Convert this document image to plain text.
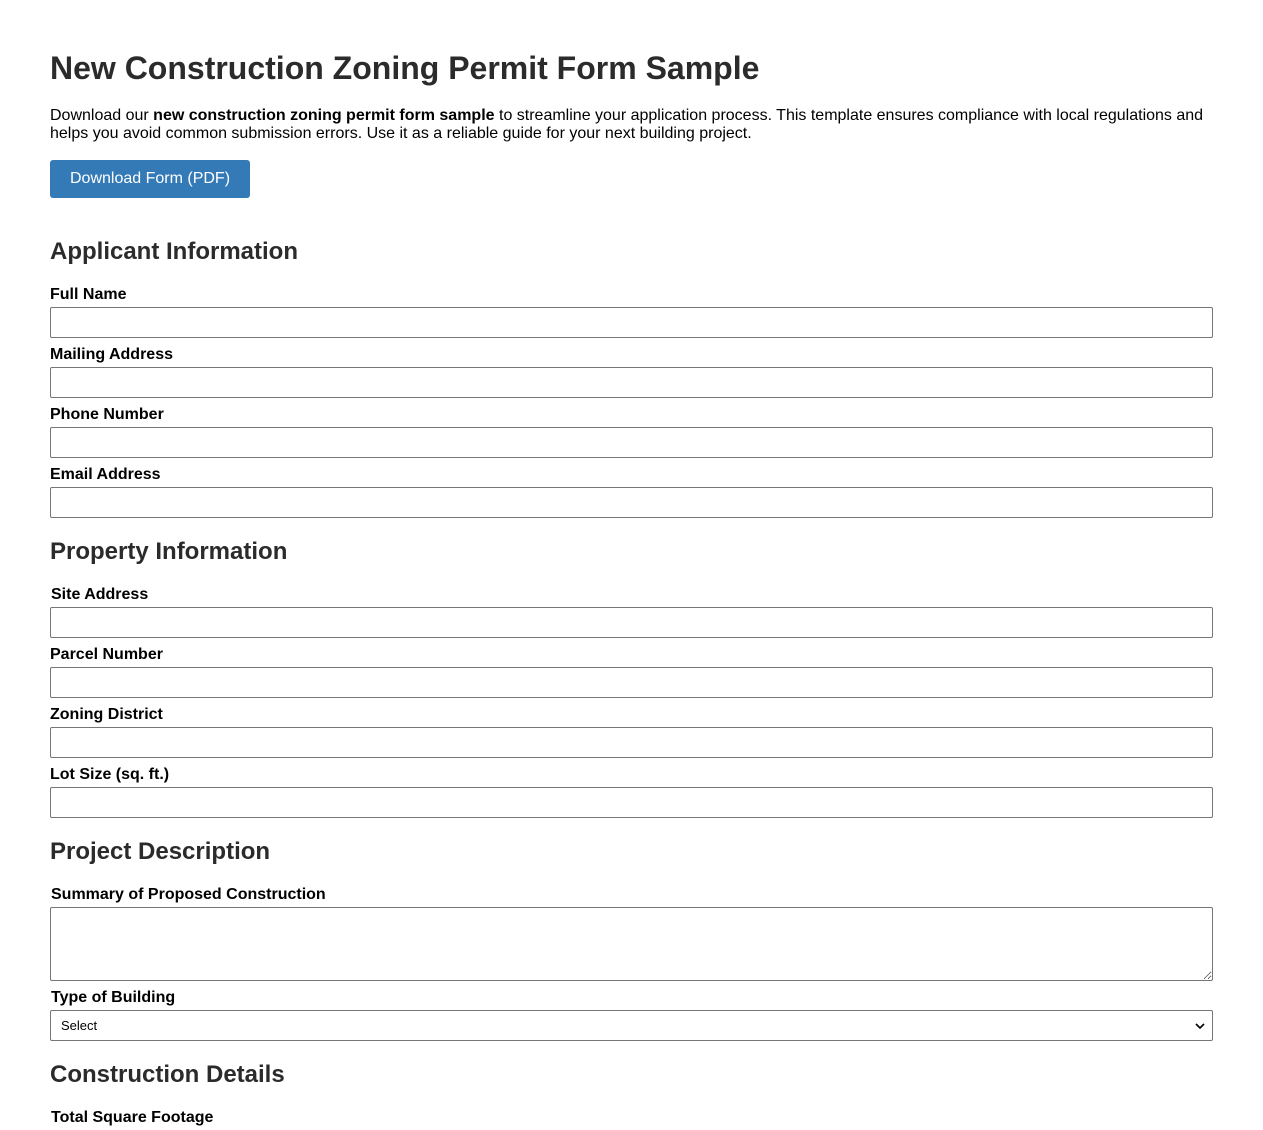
New Construction Zoning Permit Form Sample

Download our new construction zoning permit form sample to streamline your application process. This template ensures compliance with local regulations and helps you avoid common submission errors. Use it as a reliable guide for your next building project.

Download Form (PDF)
Applicant Information
Full Name
Mailing Address
Phone Number
Email Address
Property Information
Site Address
Parcel Number
Zoning District
Lot Size (sq. ft.)
Project Description
Summary of Proposed Construction
Type of Building
Select
Construction Details
Total Square Footage
